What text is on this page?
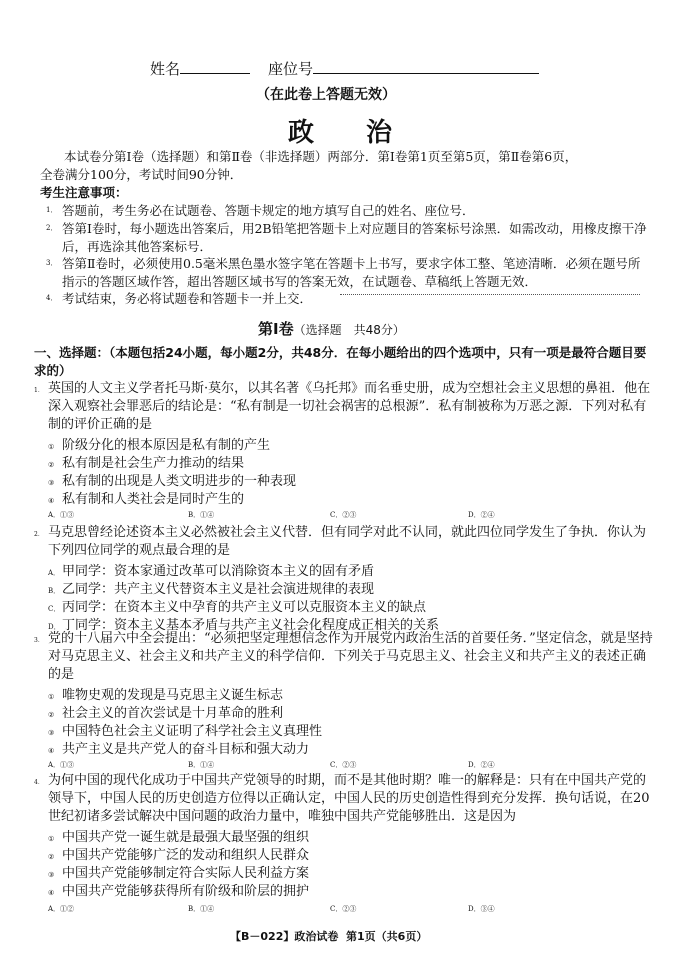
姓名	座位号
（在此卷上答题无效）
政治
本试卷分第Ⅰ卷（选择题）和第Ⅱ卷（非选择题）两部分．第Ⅰ卷第1页至第5页，第Ⅱ卷第6页，
全卷满分100分，考试时间90分钟．
考生注意事项：
1． 答题前，考生务必在试题卷、答题卡规定的地方填写自己的姓名、座位号．
2． 答第Ⅰ卷时，每小题选出答案后，用2B铅笔把答题卡上对应题目的答案标号涂黑．如需改动，用橡皮擦干净后，再选涂其他答案标号．
3． 答第Ⅱ卷时，必须使用0.5毫米黑色墨水签字笔在答题卡上书写，要求字体工整、笔迹清晰．必须在题号所指示的答题区域作答，超出答题区域书写的答案无效，在试题卷、草稿纸上答题无效．
4． 考试结束，务必将试题卷和答题卡一并上交．
第Ⅰ卷（选择题　共48分）
一、选择题：（本题包括24小题，每小题2分，共48分．在每小题给出的四个选项中，只有一项是最符合题目要求的）
1． 英国的人文主义学者托马斯·莫尔，以其名著《乌托邦》而名垂史册，成为空想社会主义思想的鼻祖．他在深入观察社会罪恶后的结论是：“私有制是一切社会祸害的总根源”．私有制被称为万恶之源．下列对私有制的评价正确的是
① 阶级分化的根本原因是私有制的产生
② 私有制是社会生产力推动的结果
③ 私有制的出现是人类文明进步的一种表现
④ 私有制和人类社会是同时产生的
A．①③	B．①④	C．②③	D．②④
2． 马克思曾经论述资本主义必然被社会主义代替．但有同学对此不认同，就此四位同学发生了争执．你认为下列四位同学的观点最合理的是
A． 甲同学：资本家通过改革可以消除资本主义的固有矛盾
B． 乙同学：共产主义代替资本主义是社会演进规律的表现
C． 丙同学：在资本主义中孕育的共产主义可以克服资本主义的缺点
D．丁同学：资本主义基本矛盾与共产主义社会化程度成正相关的关系
3． 党的十八届六中全会提出：“必须把坚定理想信念作为开展党内政治生活的首要任务．”坚定信念，就是坚持对马克思主义、社会主义和共产主义的科学信仰．下列关于马克思主义、社会主义和共产主义的表述正确的是
① 唯物史观的发现是马克思主义诞生标志
② 社会主义的首次尝试是十月革命的胜利
③ 中国特色社会主义证明了科学社会主义真理性
④ 共产主义是共产党人的奋斗目标和强大动力
A．①③	B．①④	C．②③	D．②④
4． 为何中国的现代化成功于中国共产党领导的时期，而不是其他时期？唯一的解释是：只有在中国共产党的领导下，中国人民的历史创造方位得以正确认定，中国人民的历史创造性得到充分发挥．换句话说，在20世纪初诸多尝试解决中国问题的政治力量中，唯独中国共产党能够胜出．这是因为
① 中国共产党一诞生就是最强大最坚强的组织
② 中国共产党能够广泛的发动和组织人民群众
③ 中国共产党能够制定符合实际人民利益方案
④ 中国共产党能够获得所有阶级和阶层的拥护
A．①②	B．①④	C．②③	D．③④
【B－022】政治试卷 第1页（共6页）
